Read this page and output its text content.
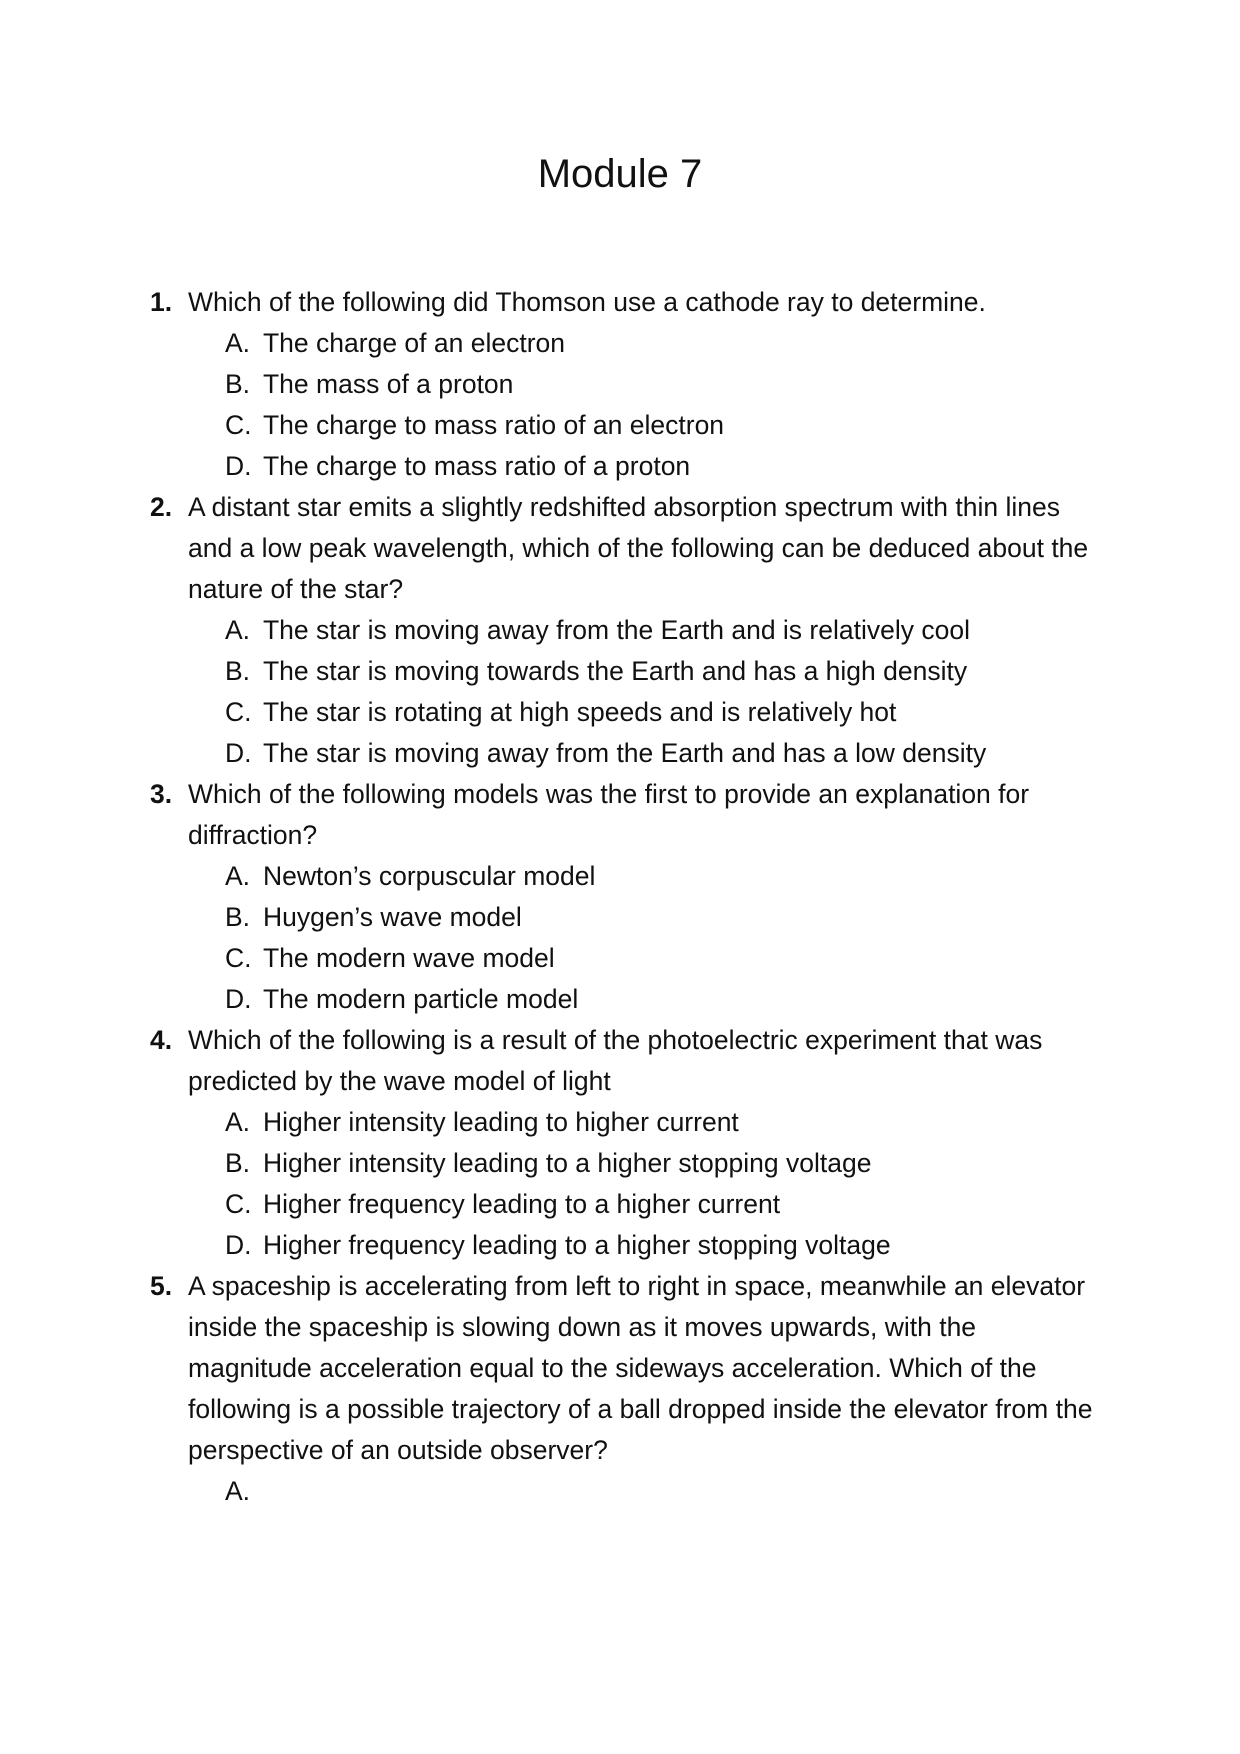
Module 7
1. Which of the following did Thomson use a cathode ray to determine.
A. The charge of an electron
B. The mass of a proton
C. The charge to mass ratio of an electron
D. The charge to mass ratio of a proton
2. A distant star emits a slightly redshifted absorption spectrum with thin lines and a low peak wavelength, which of the following can be deduced about the nature of the star?
A. The star is moving away from the Earth and is relatively cool
B. The star is moving towards the Earth and has a high density
C. The star is rotating at high speeds and is relatively hot
D. The star is moving away from the Earth and has a low density
3. Which of the following models was the first to provide an explanation for diffraction?
A. Newton’s corpuscular model
B. Huygen’s wave model
C. The modern wave model
D. The modern particle model
4. Which of the following is a result of the photoelectric experiment that was predicted by the wave model of light
A. Higher intensity leading to higher current
B. Higher intensity leading to a higher stopping voltage
C. Higher frequency leading to a higher current
D. Higher frequency leading to a higher stopping voltage
5. A spaceship is accelerating from left to right in space, meanwhile an elevator inside the spaceship is slowing down as it moves upwards, with the magnitude acceleration equal to the sideways acceleration. Which of the following is a possible trajectory of a ball dropped inside the elevator from the perspective of an outside observer?
A.
